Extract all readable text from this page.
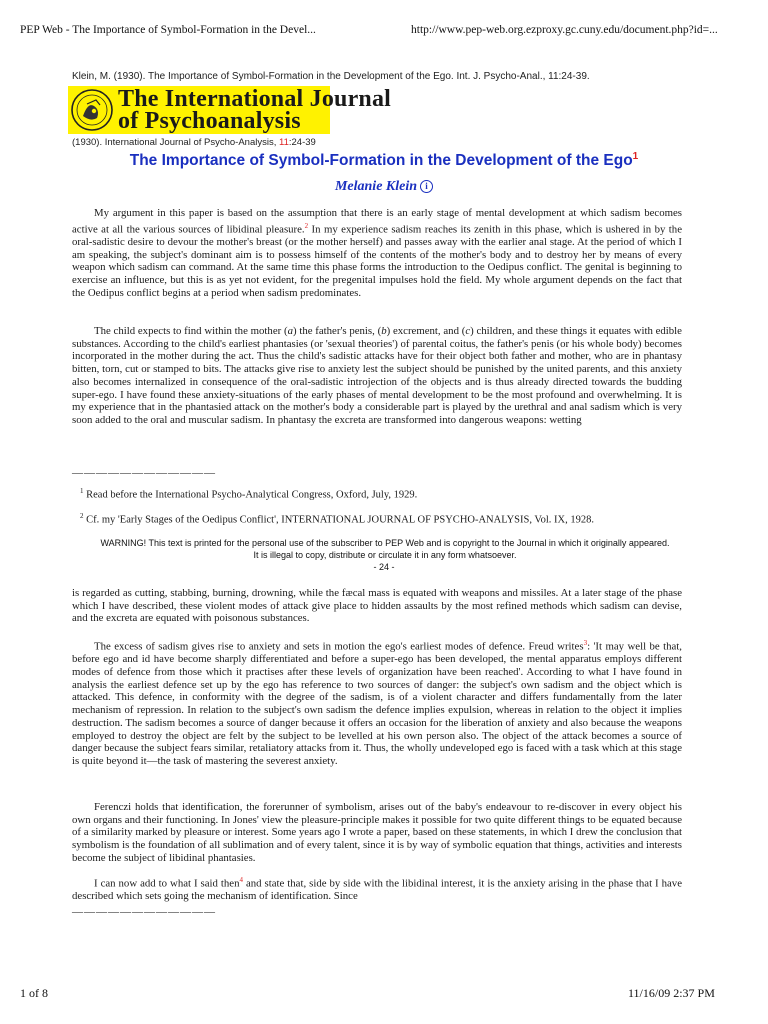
PEP Web - The Importance of Symbol-Formation in the Devel...	http://www.pep-web.org.ezproxy.gc.cuny.edu/document.php?id=...
Klein, M. (1930). The Importance of Symbol-Formation in the Development of the Ego. Int. J. Psycho-Anal., 11:24-39.
The International Journal
of Psychoanalysis
(1930). International Journal of Psycho-Analysis, 11:24-39
The Importance of Symbol-Formation in the Development of the Ego$^1$
Melanie Klein i

My argument in this paper is based on the assumption that there is an early stage of mental development at which sadism becomes active at all the various sources of libidinal pleasure.$^2$ In my experience sadism reaches its zenith in this phase, which is ushered in by the oral-sadistic desire to devour the mother's breast (or the mother herself) and passes away with the earlier anal stage. At the period of which I am speaking, the subject's dominant aim is to possess himself of the contents of the mother's body and to destroy her by means of every weapon which sadism can command. At the same time this phase forms the introduction to the Oedipus conflict. The genital is beginning to exercise an influence, but this is as yet not evident, for the pregenital impulses hold the field. My whole argument depends on the fact that the Oedipus conflict begins at a period when sadism predominates.

The child expects to find within the mother (a) the father's penis, (b) excrement, and (c) children, and these things it equates with edible substances. According to the child's earliest phantasies (or 'sexual theories') of parental coitus, the father's penis (or his whole body) becomes incorporated in the mother during the act. Thus the child's sadistic attacks have for their object both father and mother, who are in phantasy bitten, torn, cut or stamped to bits. The attacks give rise to anxiety lest the subject should be punished by the united parents, and this anxiety also becomes internalized in consequence of the oral-sadistic introjection of the objects and is thus already directed towards the budding super-ego. I have found these anxiety-situations of the early phases of mental development to be the most profound and overwhelming. It is my experience that in the phantasied attack on the mother's body a considerable part is played by the urethral and anal sadism which is very soon added to the oral and muscular sadism. In phantasy the excreta are transformed into dangerous weapons: wetting

————————————
$^1$ Read before the International Psycho-Analytical Congress, Oxford, July, 1929.
$^2$ Cf. my 'Early Stages of the Oedipus Conflict', INTERNATIONAL JOURNAL OF PSYCHO-ANALYSIS, Vol. IX, 1928.
WARNING! This text is printed for the personal use of the subscriber to PEP Web and is copyright to the Journal in which it originally appeared. It is illegal to copy, distribute or circulate it in any form whatsoever.
- 24 -

is regarded as cutting, stabbing, burning, drowning, while the fæcal mass is equated with weapons and missiles. At a later stage of the phase which I have described, these violent modes of attack give place to hidden assaults by the most refined methods which sadism can devise, and the excreta are equated with poisonous substances.

The excess of sadism gives rise to anxiety and sets in motion the ego's earliest modes of defence. Freud writes$^3$: 'It may well be that, before ego and id have become sharply differentiated and before a super-ego has been developed, the mental apparatus employs different modes of defence from those which it practises after these levels of organization have been reached'. According to what I have found in analysis the earliest defence set up by the ego has reference to two sources of danger: the subject's own sadism and the object which is attacked. This defence, in conformity with the degree of the sadism, is of a violent character and differs fundamentally from the later mechanism of repression. In relation to the subject's own sadism the defence implies expulsion, whereas in relation to the object it implies destruction. The sadism becomes a source of danger because it offers an occasion for the liberation of anxiety and also because the weapons employed to destroy the object are felt by the subject to be levelled at his own person also. The object of the attack becomes a source of danger because the subject fears similar, retaliatory attacks from it. Thus, the wholly undeveloped ego is faced with a task which at this stage is quite beyond it—the task of mastering the severest anxiety.

Ferenczi holds that identification, the forerunner of symbolism, arises out of the baby's endeavour to re-discover in every object his own organs and their functioning. In Jones' view the pleasure-principle makes it possible for two quite different things to be equated because of a similarity marked by pleasure or interest. Some years ago I wrote a paper, based on these statements, in which I drew the conclusion that symbolism is the foundation of all sublimation and of every talent, since it is by way of symbolic equation that things, activities and interests become the subject of libidinal phantasies.

I can now add to what I said then$^4$ and state that, side by side with the libidinal interest, it is the anxiety arising in the phase that I have described which sets going the mechanism of identification. Since

————————————
1 of 8	11/16/09 2:37 PM
